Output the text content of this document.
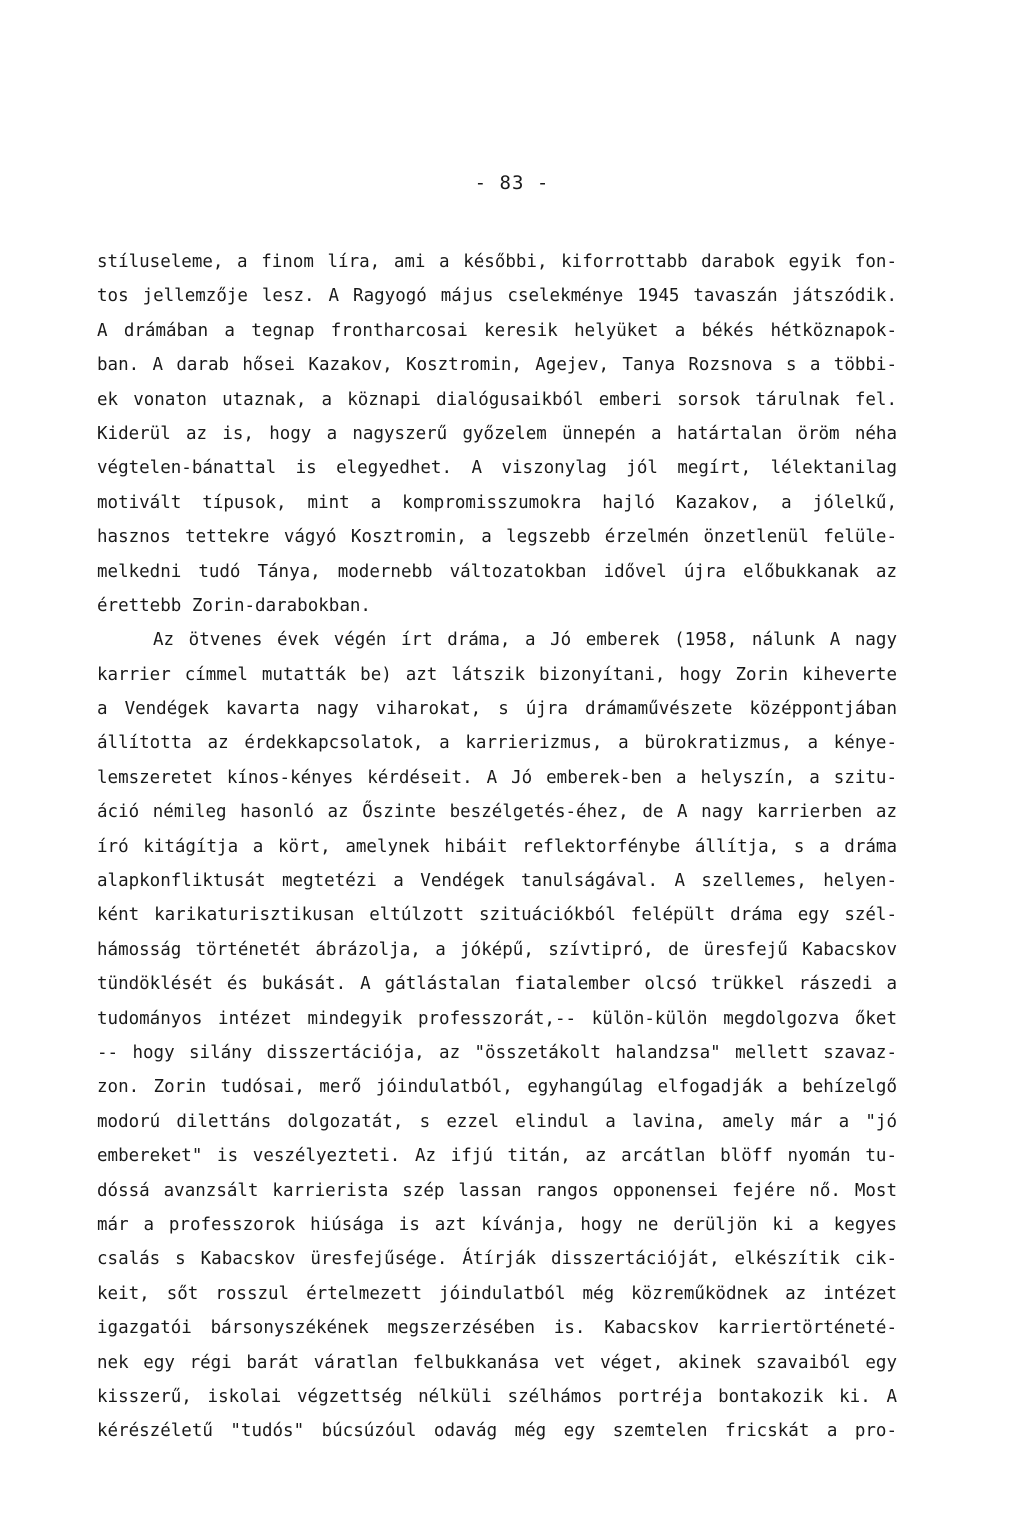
- 83 -
stíluseleme, a finom líra, ami a későbbi, kiforrottabb darabok egyik fon-
tos jellemzője lesz. A Ragyogó május cselekménye 1945 tavaszán játszódik.
A drámában a tegnap frontharcosai keresik helyüket a békés hétköznapok-
ban. A darab hősei Kazakov, Kosztromin, Agejev, Tanya Rozsnova s a többi-
ek vonaton utaznak, a köznapi dialógusaikból emberi sorsok tárulnak fel.
Kiderül az is, hogy a nagyszerű győzelem ünnepén a határtalan öröm néha
végtelen-bánattal is elegyedhet. A viszonylag jól megírt, lélektanilag
motivált típusok, mint a kompromisszumokra hajló Kazakov, a jólelkű,
hasznos tettekre vágyó Kosztromin, a legszebb érzelmén önzetlenül felüle-
melkedni tudó Tánya, modernebb változatokban idővel újra előbukkanak az
érettebb Zorin-darabokban.
Az ötvenes évek végén írt dráma, a Jó emberek (1958, nálunk A nagy
karrier címmel mutatták be) azt látszik bizonyítani, hogy Zorin kiheverte
a Vendégek kavarta nagy viharokat, s újra drámaművészete középpontjában
állította az érdekkapcsolatok, a karrierizmus, a bürokratizmus, a kénye-
lemszeretet kínos-kényes kérdéseit. A Jó emberek-ben a helyszín, a szitu-
áció némileg hasonló az Őszinte beszélgetés-éhez, de A nagy karrierben az
író kitágítja a kört, amelynek hibáit reflektorfénybe állítja, s a dráma
alapkonfliktusát megtetézi a Vendégek tanulságával. A szellemes, helyen-
ként karikaturisztikusan eltúlzott szituációkból felépült dráma egy szél-
hámosság történetét ábrázolja, a jóképű, szívtipró, de üresfejű Kabacskov
tündöklését és bukását. A gátlástalan fiatalember olcsó trükkel rászedi a
tudományos intézet mindegyik professzorát,-- külön-külön megdolgozva őket
-- hogy silány disszertációja, az "összetákolt halandzsa" mellett szavaz-
zon. Zorin tudósai, merő jóindulatból, egyhangúlag elfogadják a behízelgő
modorú dilettáns dolgozatát, s ezzel elindul a lavina, amely már a "jó
embereket" is veszélyezteti. Az ifjú titán, az arcátlan blöff nyomán tu-
dóssá avanzsált karrierista szép lassan rangos opponensei fejére nő. Most
már a professzorok hiúsága is azt kívánja, hogy ne derüljön ki a kegyes
csalás s Kabacskov üresfejűsége. Átírják disszertációját, elkészítik cik-
keit, sőt rosszul értelmezett jóindulatból még közreműködnek az intézet
igazgatói bársonyszékének megszerzésében is. Kabacskov karriertörténeté-
nek egy régi barát váratlan felbukkanása vet véget, akinek szavaiból egy
kisszerű, iskolai végzettség nélküli szélhámos portréja bontakozik ki. A
kérészéletű "tudós" búcsúzóul odavág még egy szemtelen fricskát a pro-
